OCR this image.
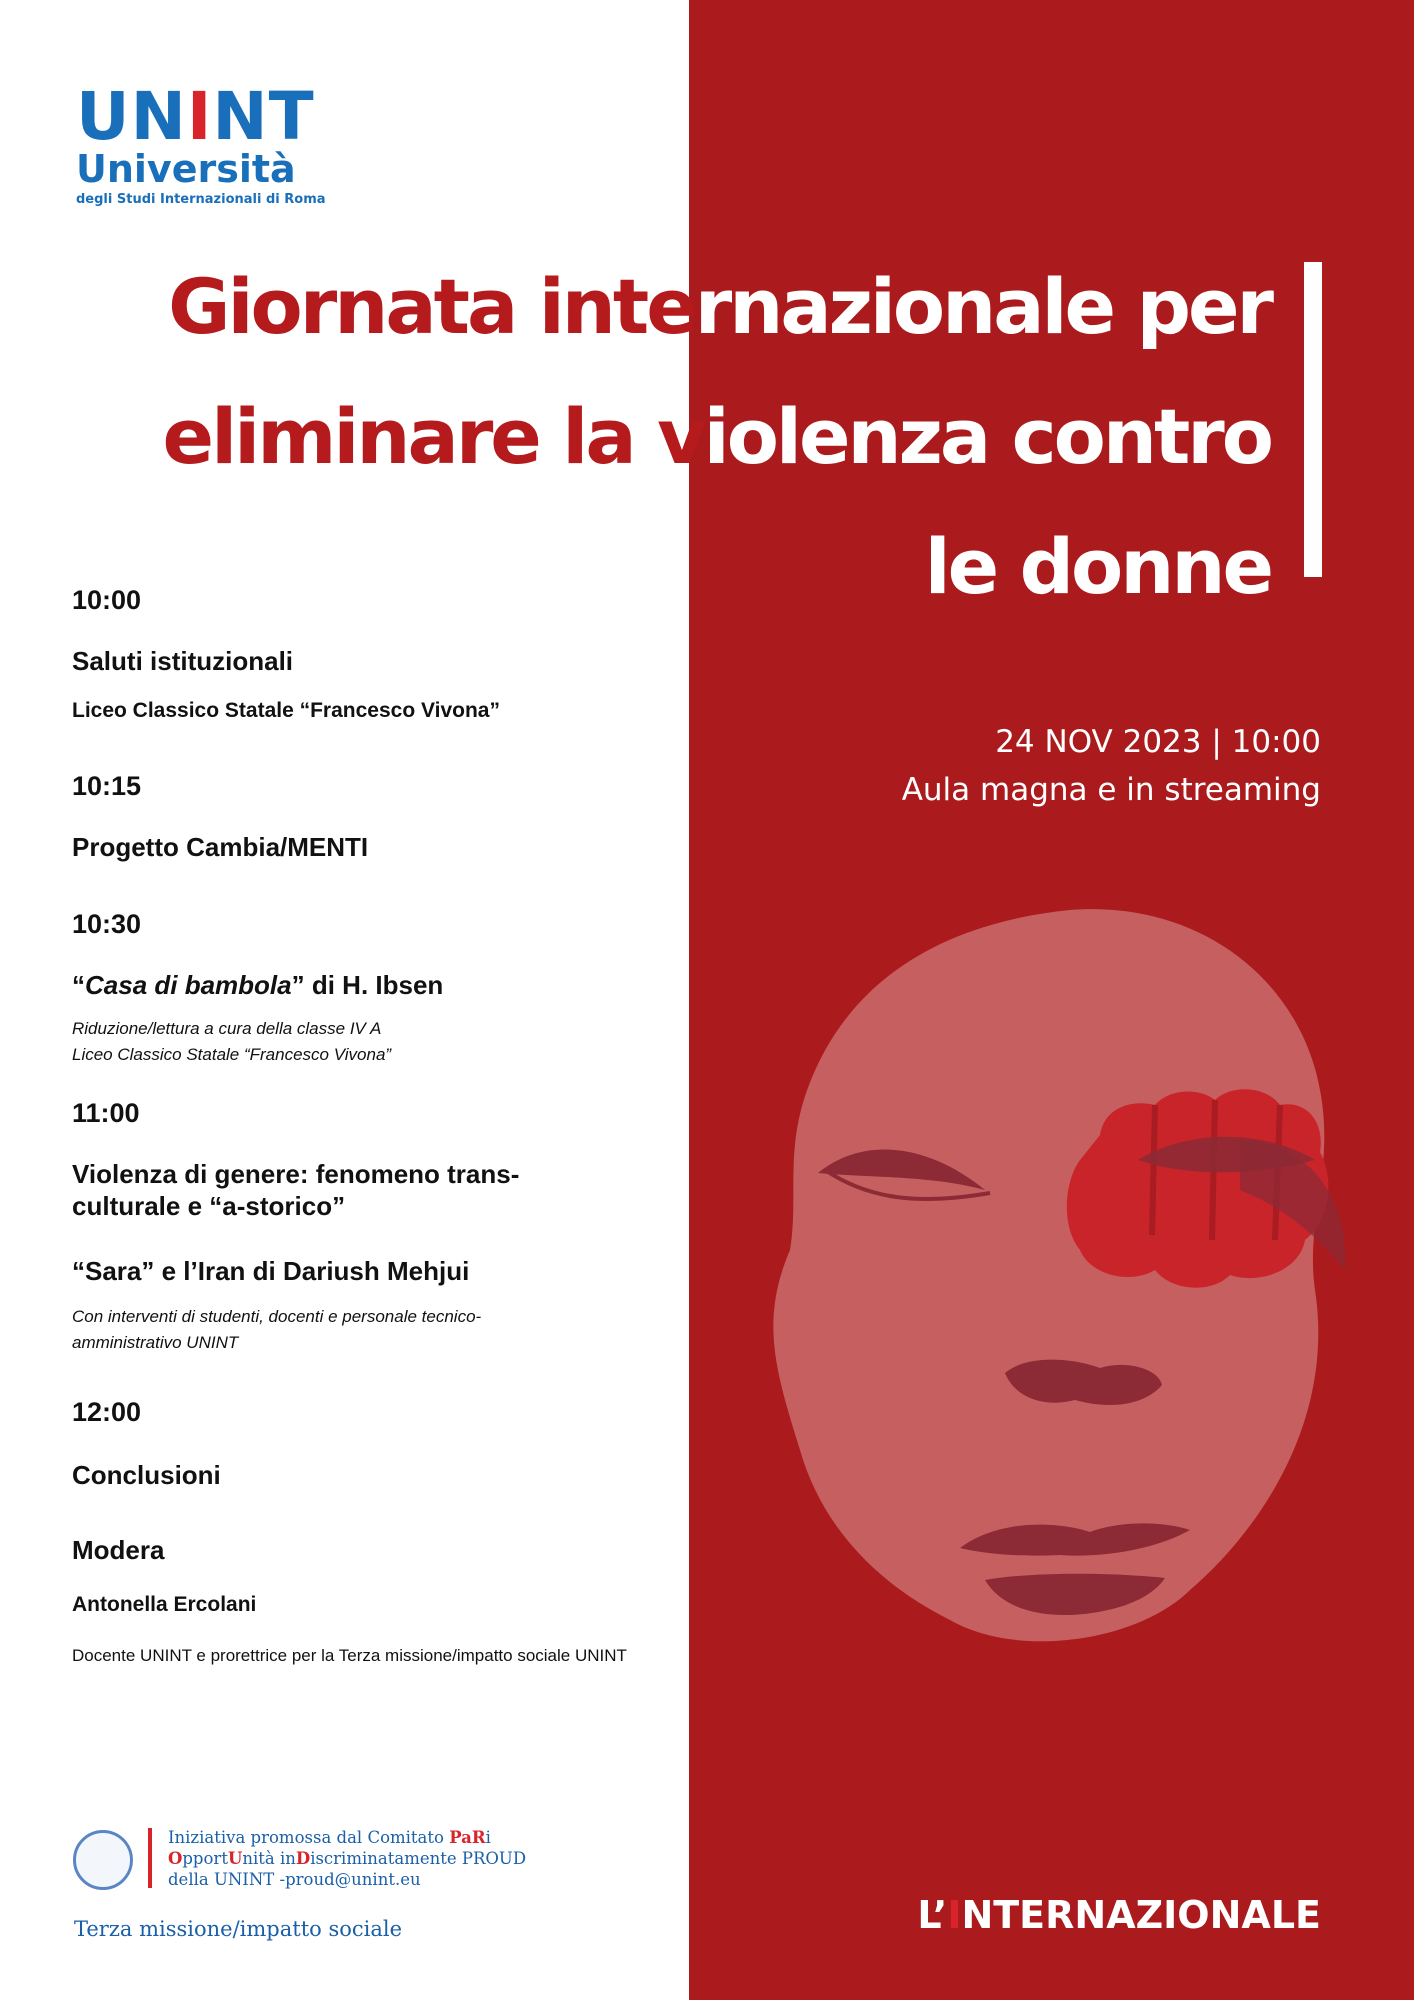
UNINT
Università
degli Studi Internazionali di Roma
Giornata internazionale per
eliminare la violenza contro
le donne
24 NOV 2023 | 10:00
Aula magna e in streaming
10:00
Saluti istituzionali
Liceo Classico Statale “Francesco Vivona”
10:15
Progetto Cambia/MENTI
10:30
“Casa di bambola” di H. Ibsen
Riduzione/lettura a cura della classe IV A
Liceo Classico Statale “Francesco Vivona”
11:00
Violenza di genere: fenomeno trans-culturale e “a-storico”
“Sara” e l’Iran di Dariush Mehjui
Con interventi di studenti, docenti e personale tecnico-amministrativo UNINT
12:00
Conclusioni
Modera
Antonella Ercolani
Docente UNINT e prorettrice per la Terza missione/impatto sociale UNINT
Iniziativa promossa dal Comitato PaRi
OpportUnità inDiscriminatamente PROUD
della UNINT -proud@unint.eu
Terza missione/impatto sociale	L’INTERNAZIONALE
